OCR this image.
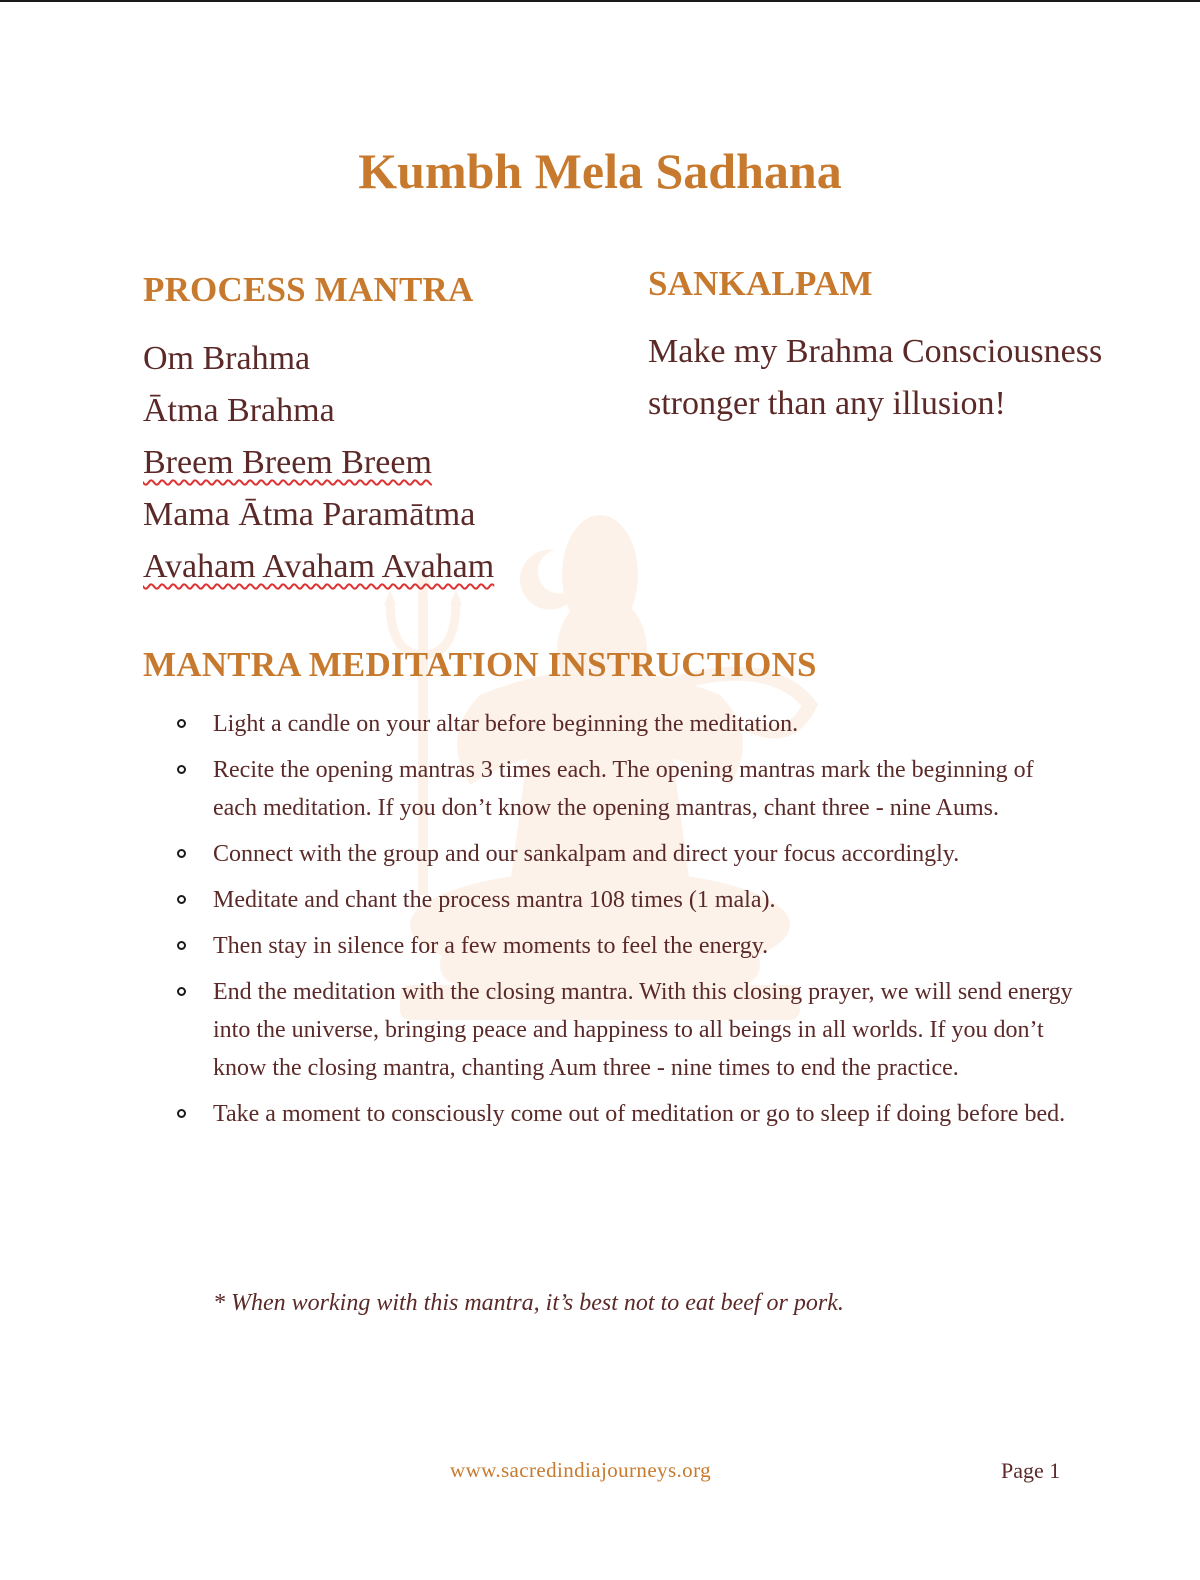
Kumbh Mela Sadhana
PROCESS MANTRA
Om Brahma
Ātma Brahma
Breem Breem Breem
Mama Ātma Paramātma
Avaham Avaham Avaham
SANKALPAM

Make my Brahma Consciousness stronger than any illusion!

MANTRA MEDITATION INSTRUCTIONS
Light a candle on your altar before beginning the meditation.
Recite the opening mantras 3 times each. The opening mantras mark the beginning of each meditation. If you don’t know the opening mantras, chant three - nine Aums.
Connect with the group and our sankalpam and direct your focus accordingly.
Meditate and chant the process mantra 108 times (1 mala).
Then stay in silence for a few moments to feel the energy.
End the meditation with the closing mantra. With this closing prayer, we will send energy into the universe, bringing peace and happiness to all beings in all worlds. If you don’t know the closing mantra, chanting Aum three - nine times to end the practice.
Take a moment to consciously come out of meditation or go to sleep if doing before bed.

* When working with this mantra, it’s best not to eat beef or pork.

www.sacredindiajourneys.org	Page 1
